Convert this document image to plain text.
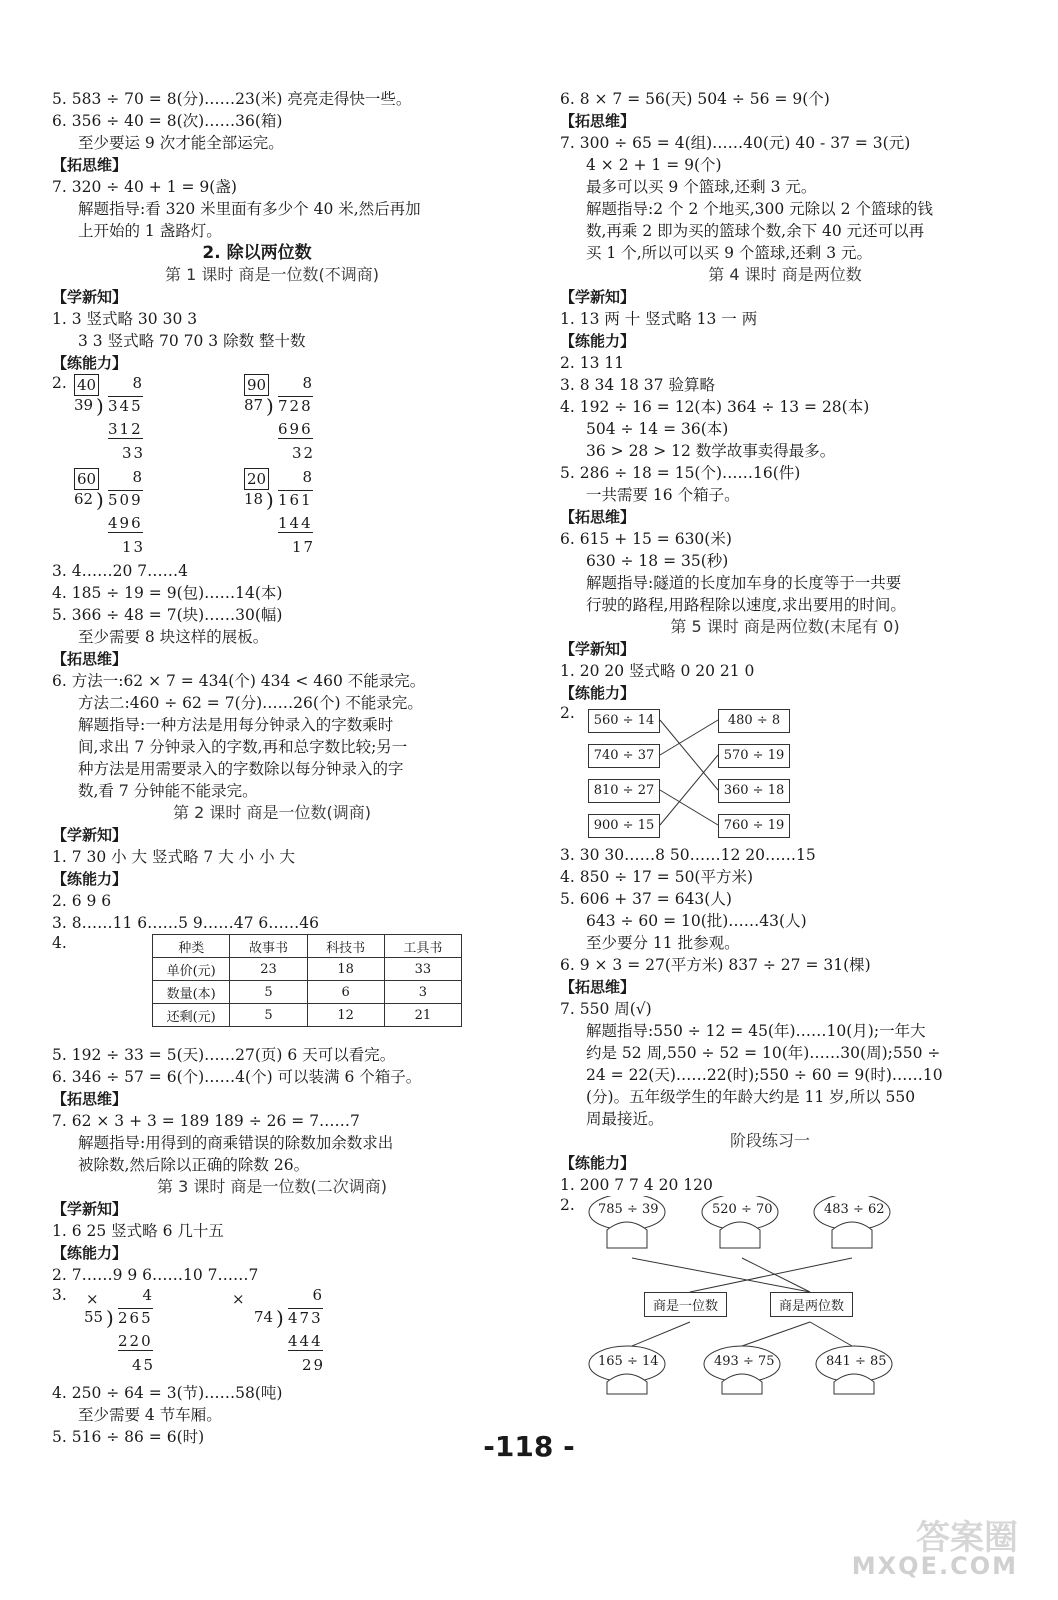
5. 583 ÷ 70 = 8(分)……23(米) 亮亮走得快一些。
6. 356 ÷ 40 = 8(次)……36(箱)
至少要运 9 次才能全部运完。
【拓思维】
7. 320 ÷ 40 + 1 = 9(盏)
解题指导:看 320 米里面有多少个 40 米,然后再加
上开始的 1 盏路灯。
2. 除以两位数
第 1 课时 商是一位数(不调商)
【学新知】
1. 3 竖式略 30 30 3
3 3 竖式略 70 70 3 除数 整十数
【练能力】
2. 40 8
39 ) 345
312
33
90 8
87 ) 728
696
32
60 8
62 ) 509
496
13
20 8
18 ) 161
144
17
3. 4……20 7……4
4. 185 ÷ 19 = 9(包)……14(本)
5. 366 ÷ 48 = 7(块)……30(幅)
至少需要 8 块这样的展板。
【拓思维】
6. 方法一:62 × 7 = 434(个) 434 < 460 不能录完。
方法二:460 ÷ 62 = 7(分)……26(个) 不能录完。
解题指导:一种方法是用每分钟录入的字数乘时
间,求出 7 分钟录入的字数,再和总字数比较;另一
种方法是用需要录入的字数除以每分钟录入的字
数,看 7 分钟能不能录完。
第 2 课时 商是一位数(调商)
【学新知】
1. 7 30 小 大 竖式略 7 大 小 小 大
【练能力】
2. 6 9 6
3. 8……11 6……5 9……47 6……46
4.	种类	故事书	科技书	工具书
单价(元)	23	18	33
数量(本)	5	6	3
还剩(元)	5	12	21
5. 192 ÷ 33 = 5(天)……27(页) 6 天可以看完。
6. 346 ÷ 57 = 6(个)……4(个) 可以装满 6 个箱子。
【拓思维】
7. 62 × 3 + 3 = 189 189 ÷ 26 = 7……7
解题指导:用得到的商乘错误的除数加余数求出
被除数,然后除以正确的除数 26。
第 3 课时 商是一位数(二次调商)
【学新知】
1. 6 25 竖式略 6 几十五
【练能力】
2. 7……9 9 6……10 7……7
3. ×	4
55 ) 265
220
45
×	6
74 ) 473
444
29
4. 250 ÷ 64 = 3(节)……58(吨)
至少需要 4 节车厢。
5. 516 ÷ 86 = 6(时)
6. 8 × 7 = 56(天) 504 ÷ 56 = 9(个)
【拓思维】
7. 300 ÷ 65 = 4(组)……40(元) 40 - 37 = 3(元)
4 × 2 + 1 = 9(个)
最多可以买 9 个篮球,还剩 3 元。
解题指导:2 个 2 个地买,300 元除以 2 个篮球的钱
数,再乘 2 即为买的篮球个数,余下 40 元还可以再
买 1 个,所以可以买 9 个篮球,还剩 3 元。
第 4 课时 商是两位数
【学新知】
1. 13 两 十 竖式略 13 一 两
【练能力】
2. 13 11
3. 8 34 18 37 验算略
4. 192 ÷ 16 = 12(本) 364 ÷ 13 = 28(本)
504 ÷ 14 = 36(本)
36 > 28 > 12 数学故事卖得最多。
5. 286 ÷ 18 = 15(个)……16(件)
一共需要 16 个箱子。
【拓思维】
6. 615 + 15 = 630(米)
630 ÷ 18 = 35(秒)
解题指导:隧道的长度加车身的长度等于一共要
行驶的路程,用路程除以速度,求出要用的时间。
第 5 课时 商是两位数(末尾有 0)
【学新知】
1. 20 20 竖式略 0 20 21 0
【练能力】
2.	560 ÷ 14
740 ÷ 37
810 ÷ 27
900 ÷ 15
480 ÷ 8
570 ÷ 19
360 ÷ 18
760 ÷ 19
3. 30 30……8 50……12 20……15
4. 850 ÷ 17 = 50(平方米)
5. 606 + 37 = 643(人)
643 ÷ 60 = 10(批)……43(人)
至少要分 11 批参观。
6. 9 × 3 = 27(平方米) 837 ÷ 27 = 31(棵)
【拓思维】
7. 550 周(√)
解题指导:550 ÷ 12 = 45(年)……10(月);一年大
约是 52 周,550 ÷ 52 = 10(年)……30(周);550 ÷
24 = 22(天)……22(时);550 ÷ 60 = 9(时)……10
(分)。五年级学生的年龄大约是 11 岁,所以 550
周最接近。
阶段练习一
【练能力】
1. 200 7 7 4 20 120
2. 785 ÷ 39	520 ÷ 70	483 ÷ 62
商是一位数	商是两位数
165 ÷ 14	493 ÷ 75	841 ÷ 85
-118 -
答案圈
MXQE.COM
